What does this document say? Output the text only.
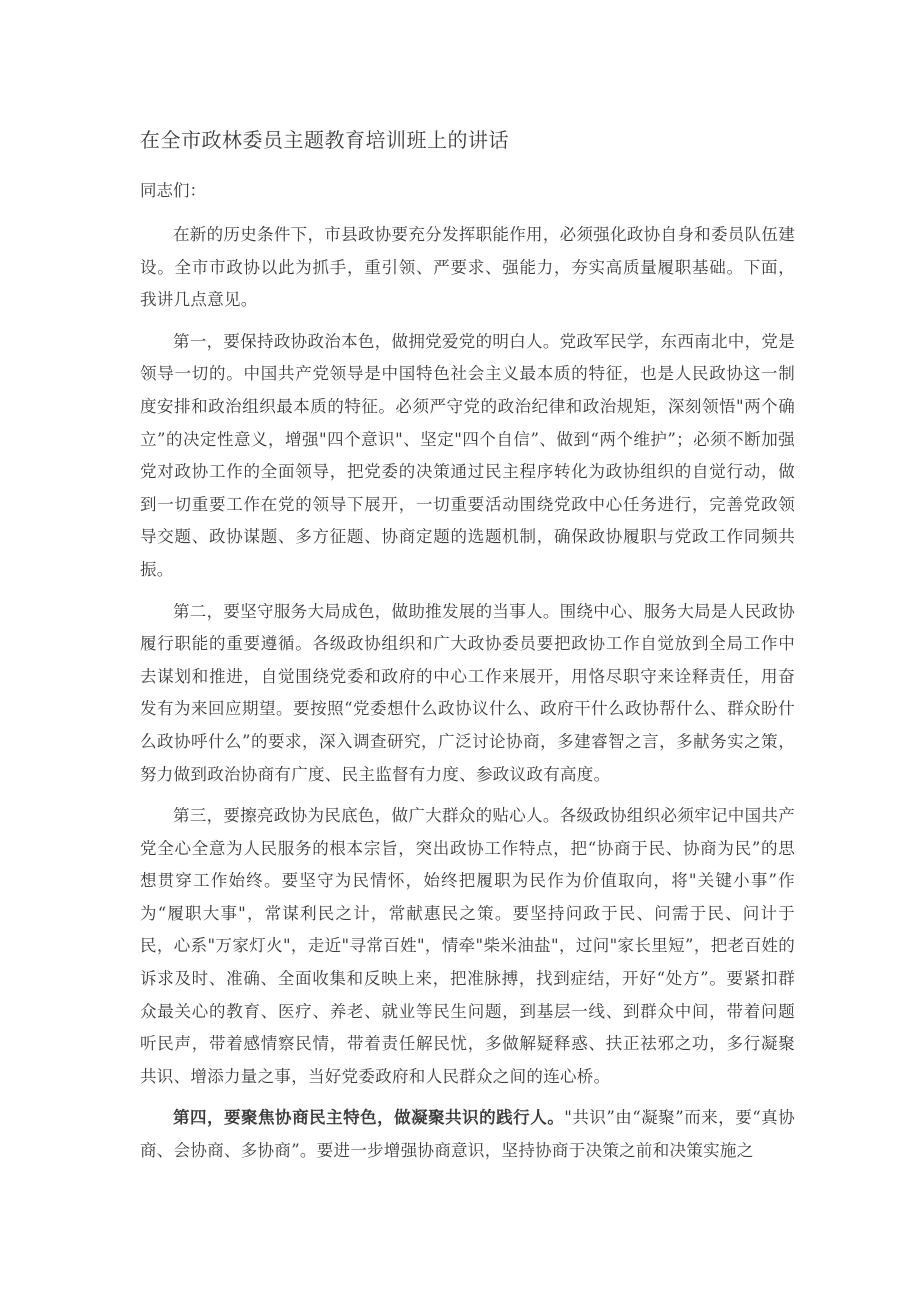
在全市政林委员主题教育培训班上的讲话

同志们：

在新的历史条件下，市县政协要充分发挥职能作用，必须强化政协自身和委员队伍建设。全市市政协以此为抓手，重引领、严要求、强能力，夯实高质量履职基础。下面，我讲几点意见。

第一，要保持政协政治本色，做拥党爱党的明白人。党政军民学，东西南北中，党是领导一切的。中国共产党领导是中国特色社会主义最本质的特征，也是人民政协这一制度安排和政治组织最本质的特征。必须严守党的政治纪律和政治规矩，深刻领悟"两个确立”的决定性意义，增强"四个意识"、坚定"四个自信”、做到“两个维护”；必须不断加强党对政协工作的全面领导，把党委的决策通过民主程序转化为政协组织的自觉行动，做到一切重要工作在党的领导下展开，一切重要活动围绕党政中心任务进行，完善党政领导交题、政协谋题、多方征题、协商定题的选题机制，确保政协履职与党政工作同频共振。

第二，要坚守服务大局成色，做助推发展的当事人。围绕中心、服务大局是人民政协履行职能的重要遵循。各级政协组织和广大政协委员要把政协工作自觉放到全局工作中去谋划和推进，自觉围绕党委和政府的中心工作来展开，用恪尽职守来诠释责任，用奋发有为来回应期望。要按照“党委想什么政协议什么、政府干什么政协帮什么、群众盼什么政协呼什么”的要求，深入调查研究，广泛讨论协商，多建睿智之言，多献务实之策，努力做到政治协商有广度、民主监督有力度、参政议政有高度。

第三，要擦亮政协为民底色，做广大群众的贴心人。各级政协组织必须牢记中国共产党全心全意为人民服务的根本宗旨，突出政协工作特点，把“协商于民、协商为民”的思想贯穿工作始终。要坚守为民情怀，始终把履职为民作为价值取向，将"关键小事”作为“履职大事"，常谋利民之计，常献惠民之策。要坚持问政于民、问需于民、问计于民，心系"万家灯火"，走近"寻常百姓"，情牵"柴米油盐"，过问"家长里短”，把老百姓的诉求及时、准确、全面收集和反映上来，把准脉搏，找到症结，开好“处方”。要紧扣群众最关心的教育、医疗、养老、就业等民生问题，到基层一线、到群众中间，带着问题听民声，带着感情察民情，带着责任解民忧，多做解疑释惑、扶正祛邪之功，多行凝聚共识、增添力量之事，当好党委政府和人民群众之间的连心桥。

第四，要聚焦协商民主特色，做凝聚共识的践行人。"共识”由“凝聚”而来，要“真协商、会协商、多协商”。要进一步增强协商意识，坚持协商于决策之前和决策实施之
